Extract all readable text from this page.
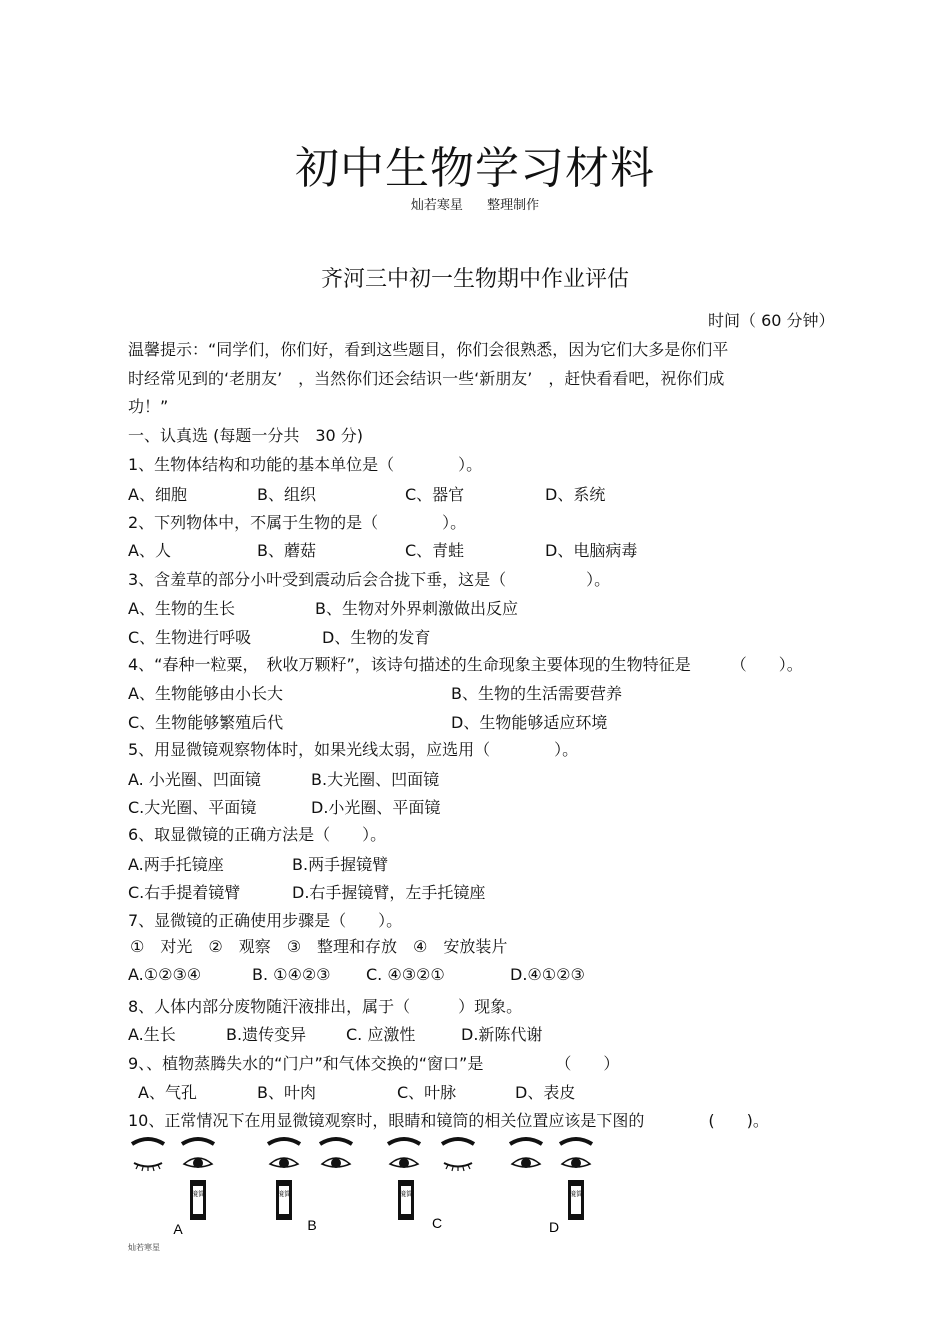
初中生物学习材料
灿若寒星 整理制作
齐河三中初一生物期中作业评估
时间（ 60 分钟）
温馨提示：“同学们，你们好，看到这些题目，你们会很熟悉，因为它们大多是你们平
时经常见到的‘老朋友’　，当然你们还会结识一些‘新朋友’　，赶快看看吧，祝你们成
功！”
一、认真选 (每题一分共　30 分)
1、生物体结构和功能的基本单位是（　　　　）。
A、细胞	B、组织	C、器官	D、系统
2、下列物体中，不属于生物的是（　　　　）。
A、人	B、蘑菇	C、青蛙	D、电脑病毒
3、含羞草的部分小叶受到震动后会合拢下垂，这是（　　　　　）。
A、生物的生长	B、生物对外界刺激做出反应
C、生物进行呼吸	D、生物的发育
4、“春种一粒粟，　秋收万颗籽”，该诗句描述的生命现象主要体现的生物特征是　　　（　　）。
A、生物能够由小长大	B、生物的生活需要营养
C、生物能够繁殖后代	D、生物能够适应环境
5、用显微镜观察物体时，如果光线太弱，应选用（　　　　）。
A. 小光圈、凹面镜	B.大光圈、凹面镜
C.大光圈、平面镜	D.小光圈、平面镜
6、取显微镜的正确方法是（　　）。
A.两手托镜座	B.两手握镜臂
C.右手提着镜臂	D.右手握镜臂，左手托镜座
7、显微镜的正确使用步骤是（　　）。
①　对光　②　观察　③　整理和存放　④　安放装片
A.①②③④	B. ①④②③ C. ④③②①	D.④①②③
8、人体内部分废物随汗液排出，属于（　　　）现象。
A.生长	B.遗传变异 C. 应激性	D.新陈代谢
9、、植物蒸腾失水的“门户”和气体交换的“窗口”是　　　　　（　　）
A、气孔	B、叶肉	C、叶脉	D、表皮
10、正常情况下在用显微镜观察时，眼睛和镜筒的相关位置应该是下图的　　　　(　　)。
镜筒
A
镜筒
B
镜筒
C
镜筒
D
灿若寒星
